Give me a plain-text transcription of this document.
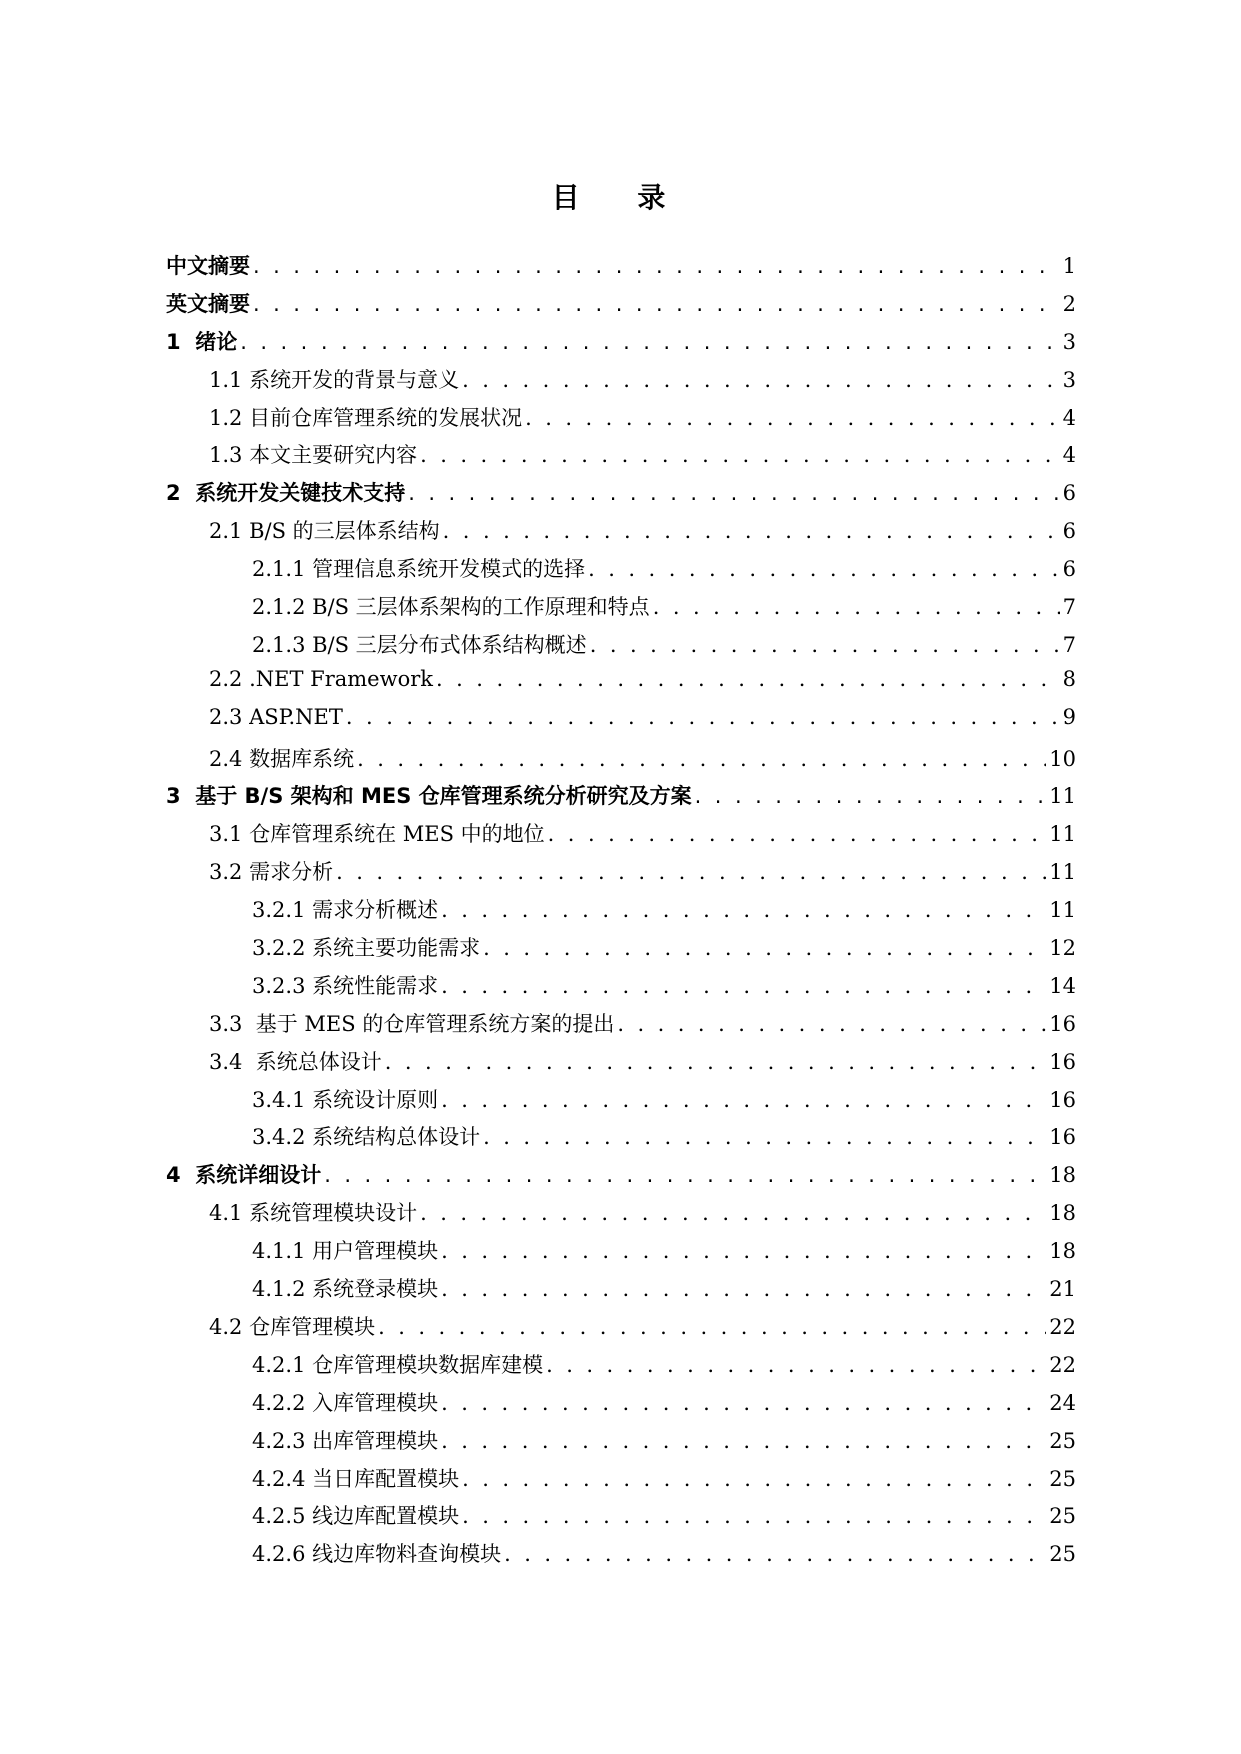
目 录
中文摘要 . . .	1
英文摘要 . . .	2
1  绪论 . . .	3
1.1 系统开发的背景与意义 . . .	3
1.2 目前仓库管理系统的发展状况 . . .	4
1.3 本文主要研究内容 . . .	4
2  系统开发关键技术支持 . . .	6
2.1 B/S 的三层体系结构 . . .	6
2.1.1 管理信息系统开发模式的选择 . . .	6
2.1.2 B/S 三层体系架构的工作原理和特点 . . .	7
2.1.3 B/S 三层分布式体系结构概述 . . .	7
2.2 .NET Framework . . .	8
2.3 ASP.NET . . .	9
2.4 数据库系统 . . .	10
3  基于 B/S 架构和 MES 仓库管理系统分析研究及方案 . . .	11
3.1 仓库管理系统在 MES 中的地位 . . .	11
3.2 需求分析 . . .	11
3.2.1 需求分析概述 . . .	11
3.2.2 系统主要功能需求 . . .	12
3.2.3 系统性能需求 . . .	14
3.3  基于 MES 的仓库管理系统方案的提出 . . .	16
3.4  系统总体设计 . . .	16
3.4.1 系统设计原则 . . .	16
3.4.2 系统结构总体设计 . . .	16
4  系统详细设计 . . .	18
4.1 系统管理模块设计 . . .	18
4.1.1 用户管理模块 . . .	18
4.1.2 系统登录模块 . . .	21
4.2 仓库管理模块 . . .	22
4.2.1 仓库管理模块数据库建模 . . .	22
4.2.2 入库管理模块 . . .	24
4.2.3 出库管理模块 . . .	25
4.2.4 当日库配置模块 . . .	25
4.2.5 线边库配置模块 . . .	25
4.2.6 线边库物料查询模块 . . .	25
